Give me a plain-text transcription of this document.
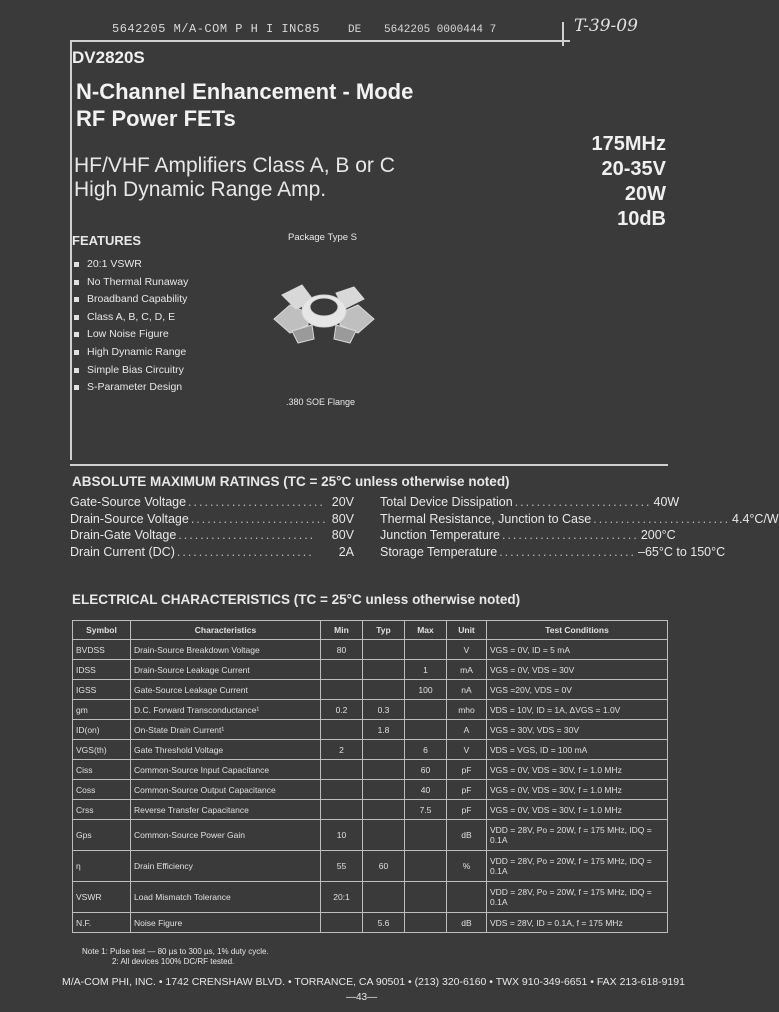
5642205 M/A-COM P H I INC85	DE 5642205 0000444 7	T-39-09
DV2820S
N-Channel Enhancement - Mode
RF Power FETs
175MHz
20-35V
20W
10dB
HF/VHF Amplifiers Class A, B or C
High Dynamic Range Amp.
FEATURES
20:1 VSWR
No Thermal Runaway
Broadband Capability
Class A, B, C, D, E
Low Noise Figure
High Dynamic Range
Simple Bias Circuitry
S-Parameter Design
Package Type S
.380 SOE Flange
ABSOLUTE MAXIMUM RATINGS (TC = 25°C unless otherwise noted)
Gate-Source Voltage ......................... 20V
Drain-Source Voltage ......................... 80V
Drain-Gate Voltage .........................	80V
Drain Current (DC) .........................	2A
Total Device Dissipation ......................... 40W
Thermal Resistance, Junction to Case ......................... 4.4°C/W
Junction Temperature ......................... 200°C
Storage Temperature ......................... –65°C to 150°C
ELECTRICAL CHARACTERISTICS (TC = 25°C unless otherwise noted)
Symbol	Characteristics	Min	Typ	Max	Unit	Test Conditions
BVDSS	Drain-Source Breakdown Voltage	80			V	VGS = 0V, ID = 5 mA
IDSS	Drain-Source Leakage Current			1	mA	VGS = 0V, VDS = 30V
IGSS	Gate-Source Leakage Current			100	nA	VGS =20V, VDS = 0V
gm	D.C. Forward Transconductance¹	0.2	0.3		mho	VDS = 10V, ID = 1A, ΔVGS = 1.0V
ID(on)	On-State Drain Current¹		1.8		A	VGS = 30V, VDS = 30V
VGS(th)	Gate Threshold Voltage	2		6	V	VDS = VGS, ID = 100 mA
Ciss	Common-Source Input Capacitance			60	pF	VGS = 0V, VDS = 30V, f = 1.0 MHz
Coss	Common-Source Output Capacitance			40	pF	VGS = 0V, VDS = 30V, f = 1.0 MHz
Crss	Reverse Transfer Capacitance			7.5	pF	VGS = 0V, VDS = 30V, f = 1.0 MHz
Gps	Common-Source Power Gain	10			dB	VDD = 28V, Po = 20W, f = 175 MHz, IDQ = 0.1A
η	Drain Efficiency	55	60		%	VDD = 28V, Po = 20W, f = 175 MHz, IDQ = 0.1A
VSWR	Load Mismatch Tolerance	20:1				VDD = 28V, Po = 20W, f = 175 MHz, IDQ = 0.1A
N.F.	Noise Figure		5.6		dB	VDS = 28V, ID = 0.1A, f = 175 MHz
Note 1: Pulse test — 80 µs to 300 µs, 1% duty cycle.
2: All devices 100% DC/RF tested.
M/A-COM PHI, INC. • 1742 CRENSHAW BLVD. • TORRANCE, CA 90501 • (213) 320-6160 • TWX 910-349-6651 • FAX 213-618-9191
—43—
